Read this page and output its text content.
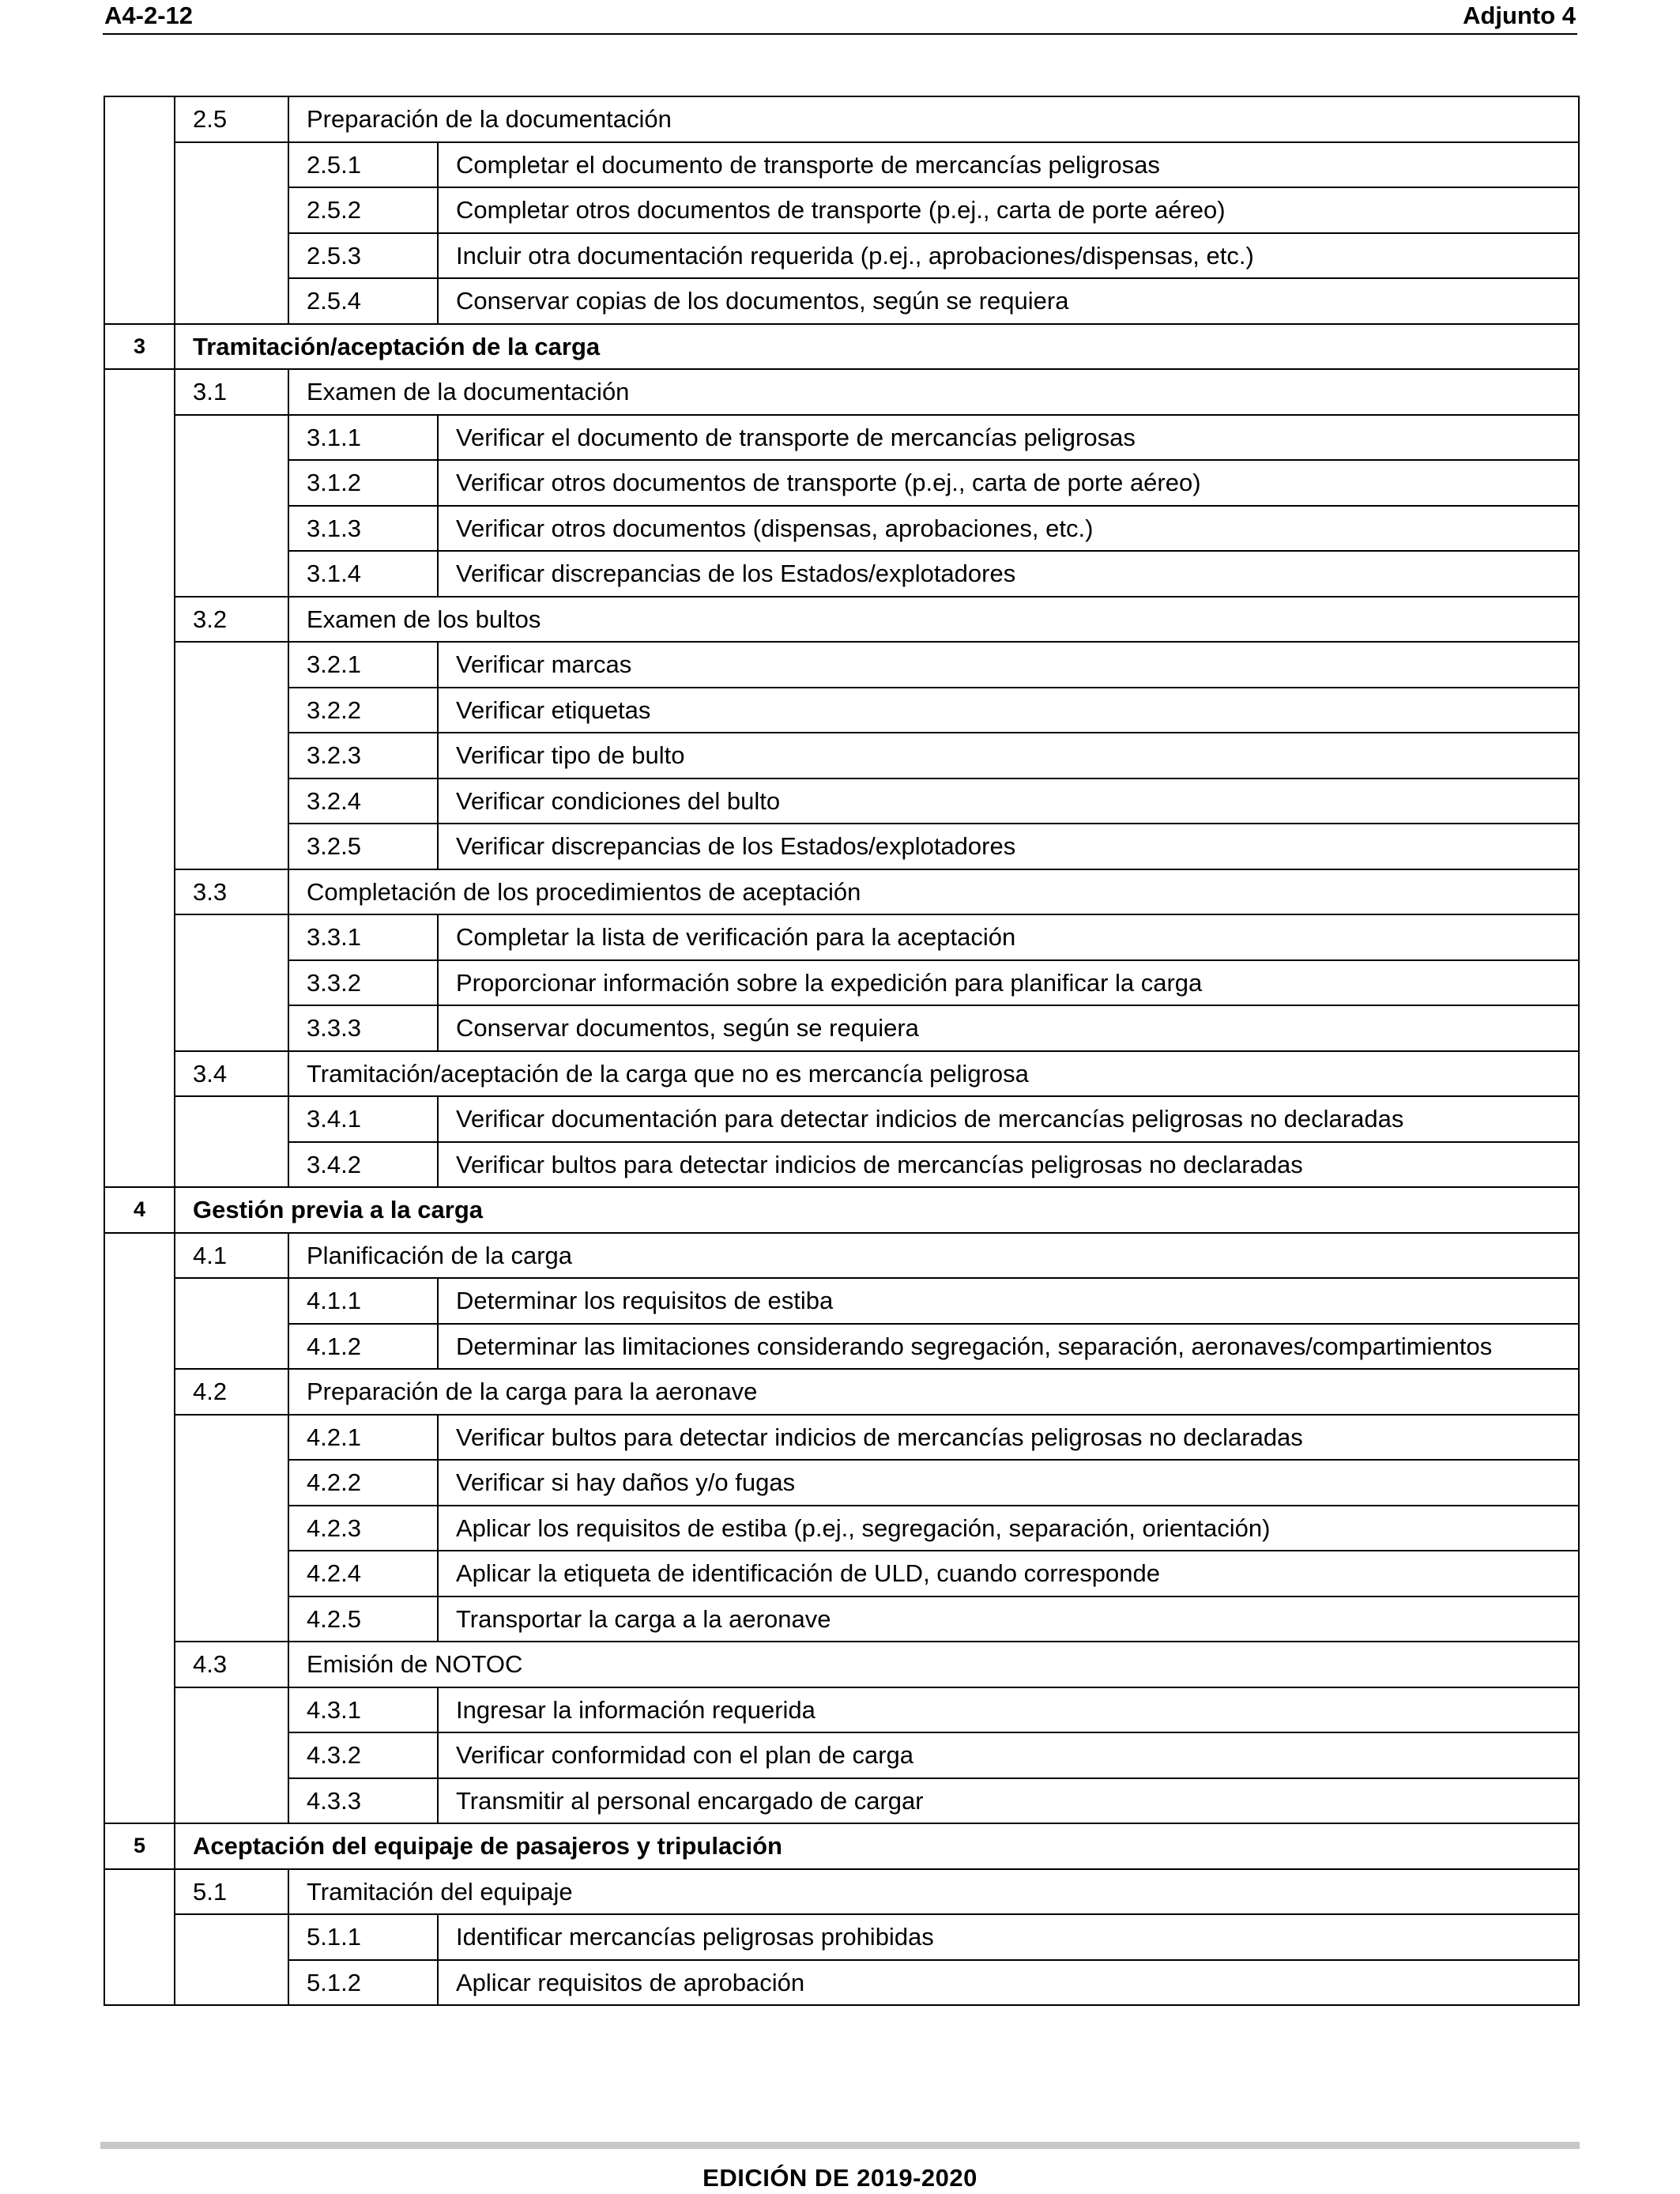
A4-2-12	Adjunto 4
	2.5	Preparación de la documentación	
		2.5.1	Completar el documento de transporte de mercancías peligrosas
		2.5.2	Completar otros documentos de transporte (p.ej., carta de porte aéreo)
		2.5.3	Incluir otra documentación requerida (p.ej., aprobaciones/dispensas, etc.)
		2.5.4	Conservar copias de los documentos, según se requiera
3	Tramitación/aceptación de la carga		
	3.1	Examen de la documentación	
		3.1.1	Verificar el documento de transporte de mercancías peligrosas
		3.1.2	Verificar otros documentos de transporte (p.ej., carta de porte aéreo)
		3.1.3	Verificar otros documentos (dispensas, aprobaciones, etc.)
		3.1.4	Verificar discrepancias de los Estados/explotadores
	3.2	Examen de los bultos	
		3.2.1	Verificar marcas
		3.2.2	Verificar etiquetas
		3.2.3	Verificar tipo de bulto
		3.2.4	Verificar condiciones del bulto
		3.2.5	Verificar discrepancias de los Estados/explotadores
	3.3	Completación de los procedimientos de aceptación	
		3.3.1	Completar la lista de verificación para la aceptación
		3.3.2	Proporcionar información sobre la expedición para planificar la carga
		3.3.3	Conservar documentos, según se requiera
	3.4	Tramitación/aceptación de la carga que no es mercancía peligrosa	
		3.4.1	Verificar documentación para detectar indicios de mercancías peligrosas no declaradas
		3.4.2	Verificar bultos para detectar indicios de mercancías peligrosas no declaradas
4	Gestión previa a la carga		
	4.1	Planificación de la carga	
		4.1.1	Determinar los requisitos de estiba
		4.1.2	Determinar las limitaciones considerando segregación, separación, aeronaves/compartimientos
	4.2	Preparación de la carga para la aeronave	
		4.2.1	Verificar bultos para detectar indicios de mercancías peligrosas no declaradas
		4.2.2	Verificar si hay daños y/o fugas
		4.2.3	Aplicar los requisitos de estiba (p.ej., segregación, separación, orientación)
		4.2.4	Aplicar la etiqueta de identificación de ULD, cuando corresponde
		4.2.5	Transportar la carga a la aeronave
	4.3	Emisión de NOTOC	
		4.3.1	Ingresar la información requerida
		4.3.2	Verificar conformidad con el plan de carga
		4.3.3	Transmitir al personal encargado de cargar
5	Aceptación del equipaje de pasajeros y tripulación		
	5.1	Tramitación del equipaje	
		5.1.1	Identificar mercancías peligrosas prohibidas
		5.1.2	Aplicar requisitos de aprobación
EDICIÓN DE 2019-2020
